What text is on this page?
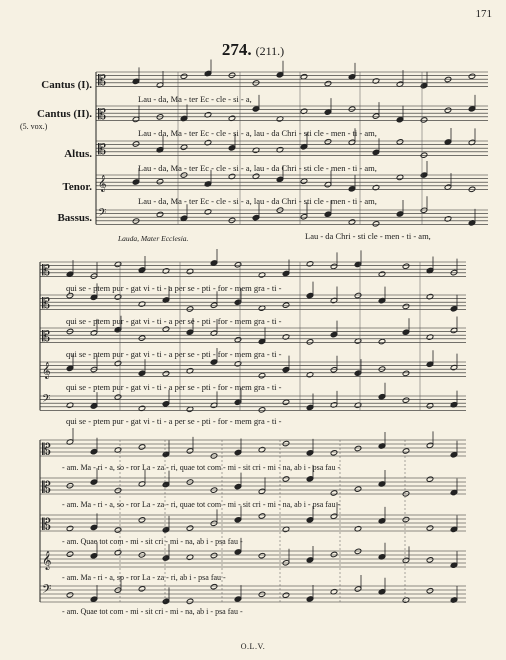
171
274. (211.)
Cantus (I).
Cantus (II).
(5. vox.)
Altus.
Tenor.
Bassus.
Lau - da, Ma - ter Ec - cle - si - a,
Lau - da, Ma - ter Ec - cle - si - a, lau - da Chri - sti cle - men - ti - am,
Lau - da, Ma - ter Ec - cle - si - a, lau - da Chri - sti cle - men - ti - am,
Lau - da, Ma - ter Ec - cle - si - a, lau - da Chri - sti cle - men - ti - am,
Lauda, Mater Ecclesia.	Lau - da Chri - sti cle - men - ti - am,
qui se - ptem pur - gat vi - ti - a per se - pti - for - mem gra - ti -
qui se - ptem pur - gat vi - ti - a per se - pti - for - mem gra - ti -
qui se - ptem pur - gat vi - ti - a per se - pti - for - mem gra - ti -
qui se - ptem pur - gat vi - ti - a per se - pti - for - mem gra - ti -
qui se - ptem pur - gat vi - ti - a per se - pti - for - mem gra - ti -
- am. Ma - ri - a, so - ror La - za - ri, quae tot com - mi - sit cri - mi - na, ab i - psa fau -
- am. Ma - ri - a, so - ror La - za - ri, quae tot com - mi - sit cri - mi - na, ab i - psa fau -
- am. Quae tot com - mi - sit cri - mi - na, ab i - psa fau -
- am. Ma - ri - a, so - ror La - za - ri, ab i - psa fau -
- am. Quae tot com - mi - sit cri - mi - na, ab i - psa fau -
O.L.V.
𝄡
𝄡
𝄡
𝄞
𝄢
𝄡
𝄡
𝄡
𝄞
𝄢
𝄡
𝄡
𝄡
𝄞
𝄢
